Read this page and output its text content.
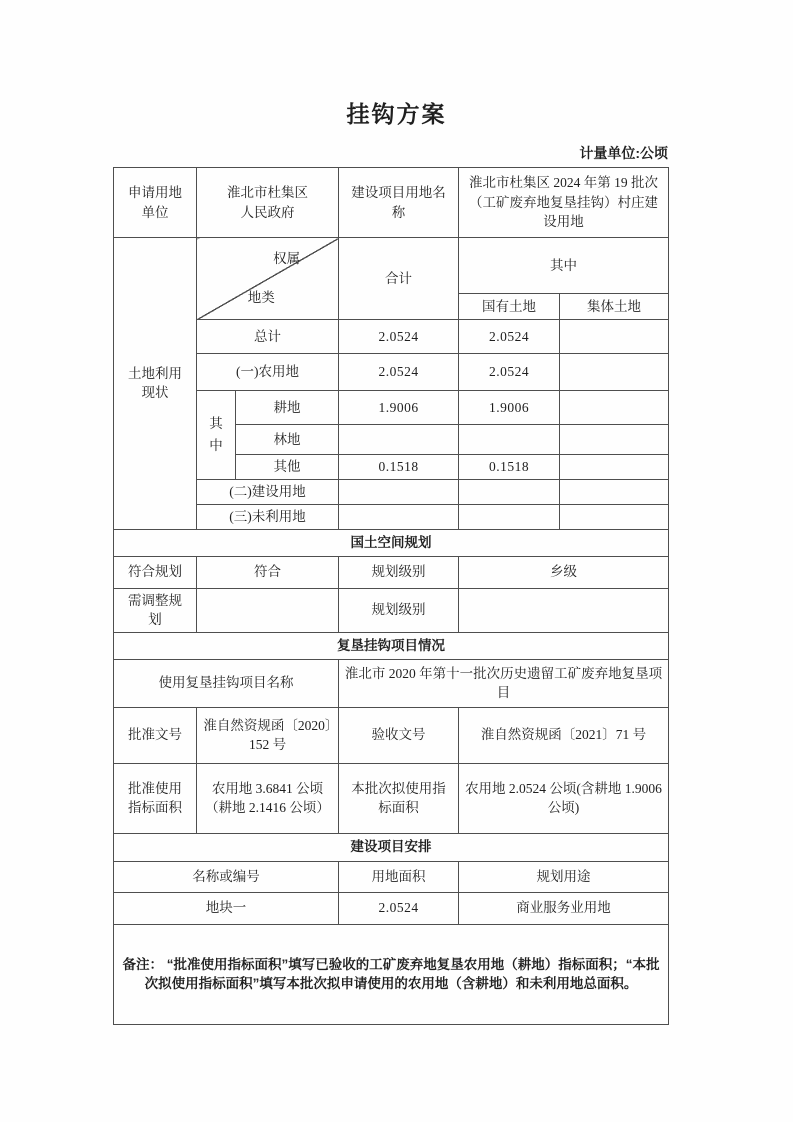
挂钩方案
计量单位:公顷
申请用地单位	淮北市杜集区人民政府		建设项目用地名称	淮北市杜集区 2024 年第 19 批次（工矿废弃地复垦挂钩）村庄建设用地	
土地利用现状	权属
地类		合计	其中	
				国有土地	集体土地
	总计		2.0524	2.0524	
	(一)农用地		2.0524	2.0524	
	其中	耕地	1.9006	1.9006	
		林地			
		其他	0.1518	0.1518	
	(二)建设用地				
	(三)未利用地				
国土空间规划					
符合规划	符合		规划级别	乡级	
需调整规划			规划级别		
复垦挂钩项目情况					
使用复垦挂钩项目名称			淮北市 2020 年第十一批次历史遗留工矿废弃地复垦项目		
批准文号	淮自然资规函〔2020〕152 号		验收文号	淮自然资规函〔2021〕71 号	
批准使用指标面积	农用地 3.6841 公顷（耕地 2.1416 公顷）		本批次拟使用指标面积	农用地 2.0524 公顷(含耕地 1.9006 公顷)	
建设项目安排					
名称或编号			用地面积	规划用途	
地块一			2.0524	商业服务业用地	
备注： “批准使用指标面积”填写已验收的工矿废弃地复垦农用地（耕地）指标面积；“本批次拟使用指标面积”填写本批次拟申请使用的农用地（含耕地）和未利用地总面积。					
